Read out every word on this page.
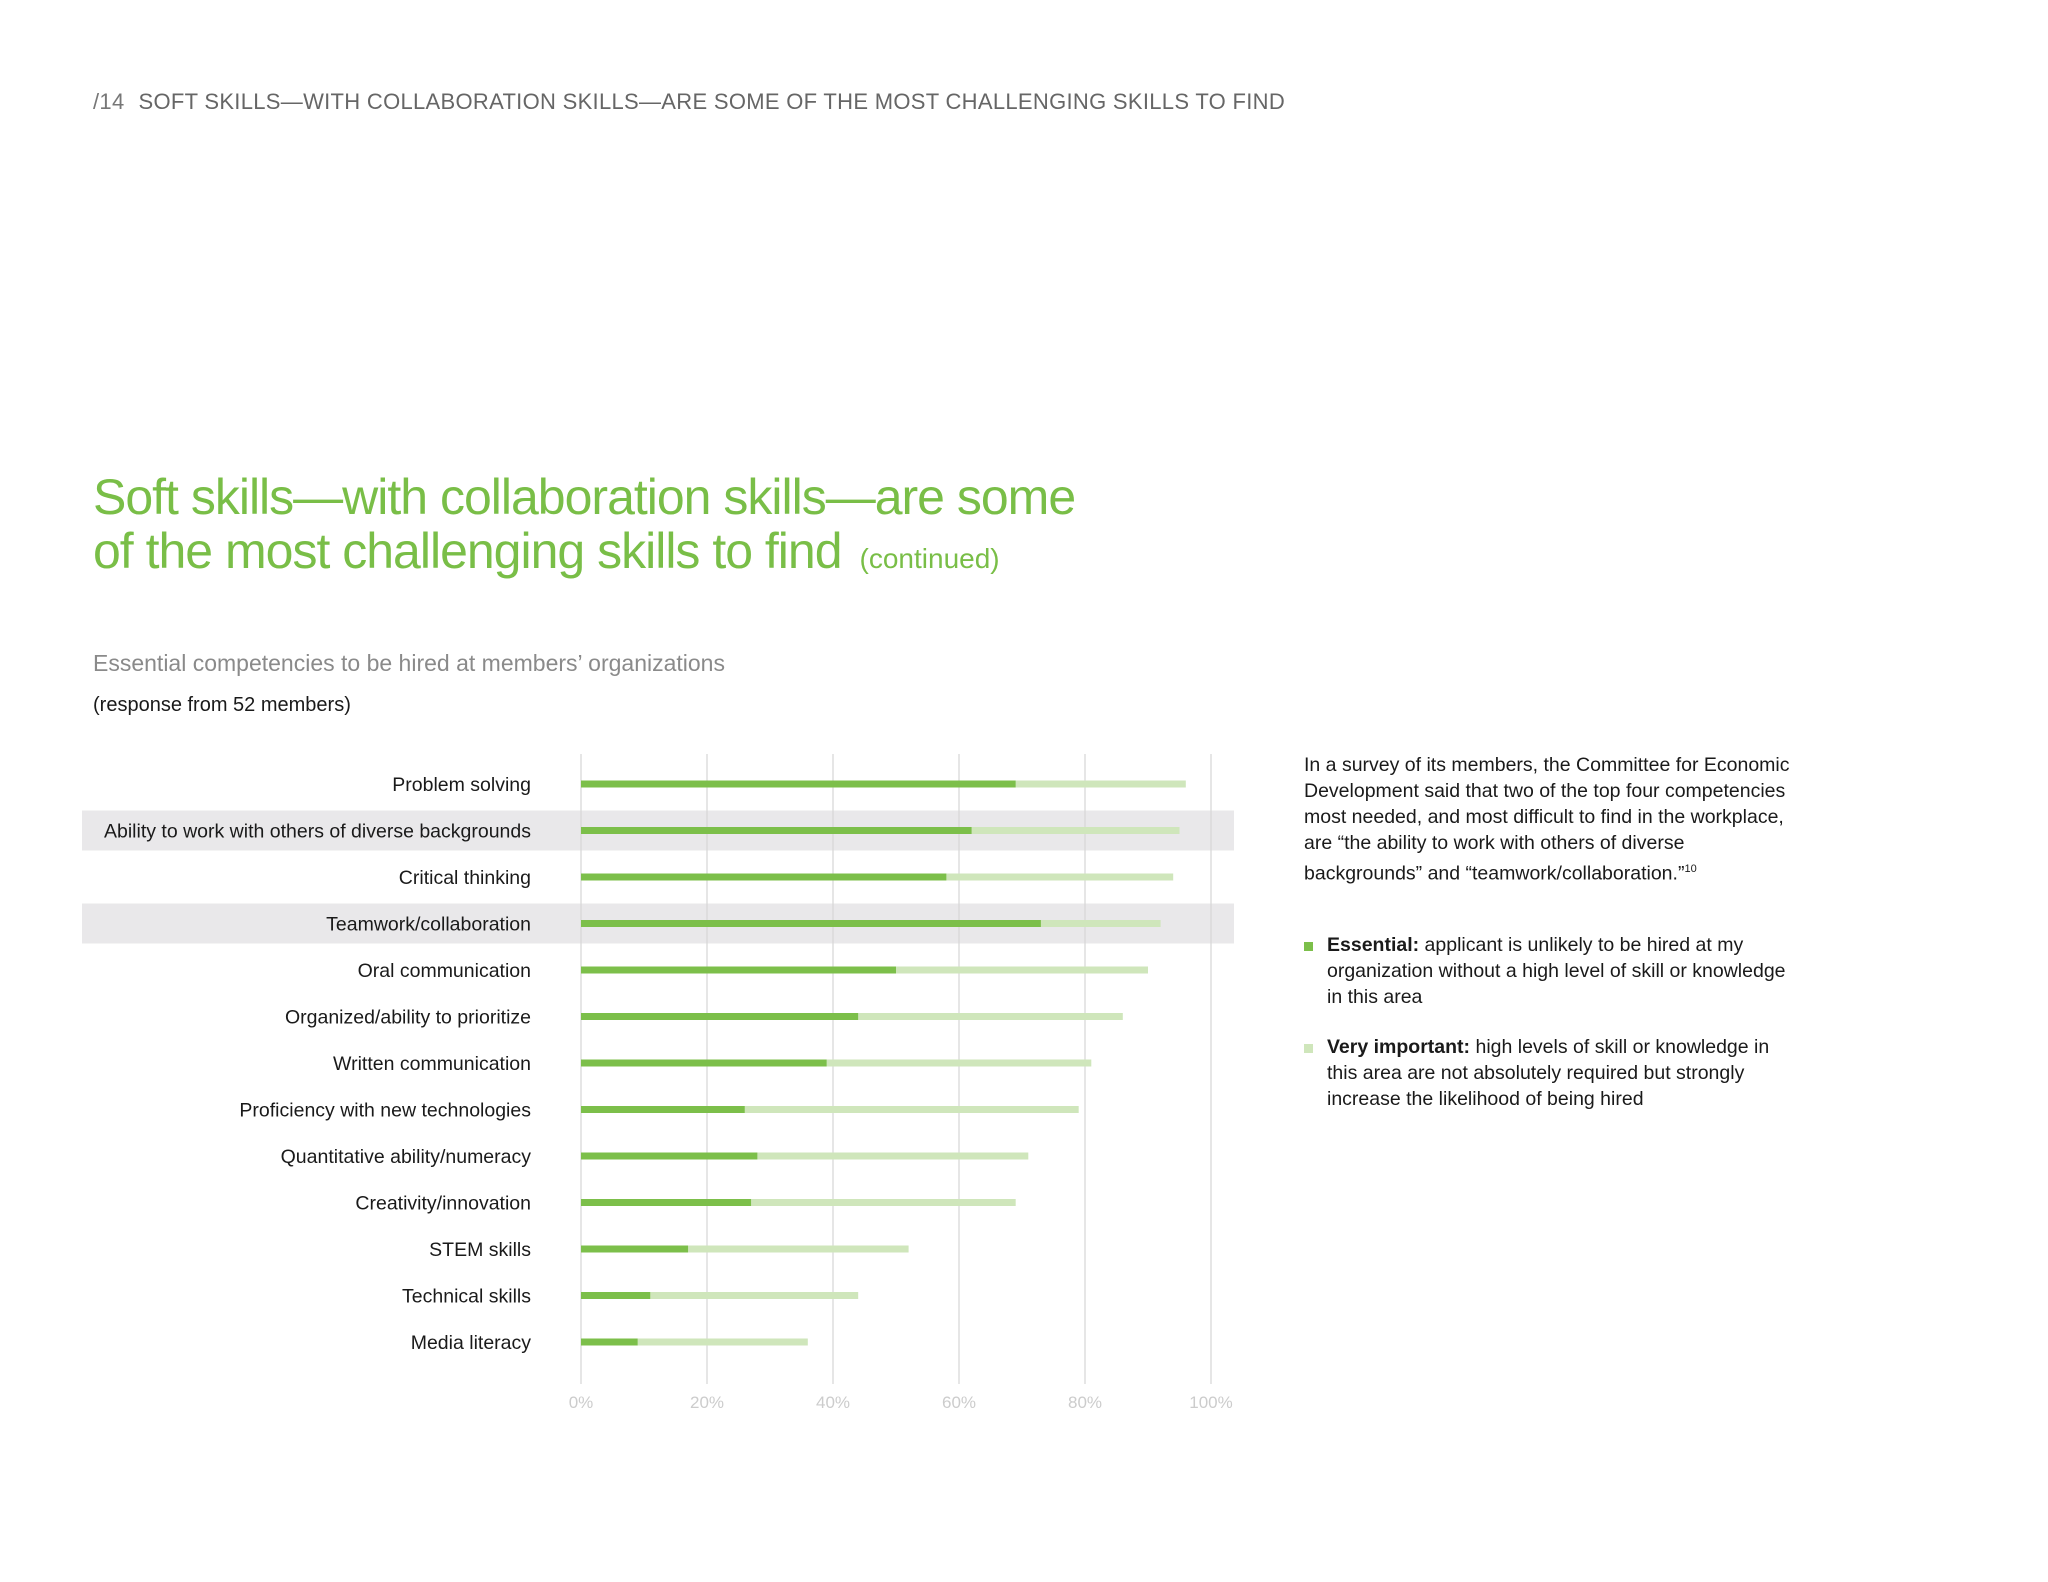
/14 SOFT SKILLS—WITH COLLABORATION SKILLS—ARE SOME OF THE MOST CHALLENGING SKILLS TO FIND
Soft skills—with collaboration skills—are some
of the most challenging skills to find (continued)
Essential competencies to be hired at members’ organizations
(response from 52 members)
0%	20%	40%	60%	80%	100%
Problem solving
Ability to work with others of diverse backgrounds
Critical thinking
Teamwork/collaboration
Oral communication
Organized/ability to prioritize
Written communication
Proficiency with new technologies
Quantitative ability/numeracy
Creativity/innovation
STEM skills
Technical skills
Media literacy

In a survey of its members, the Committee for Economic Development said that two of the top four competencies most needed, and most difficult to find in the workplace, are “the ability to work with others of diverse backgrounds” and “teamwork/collaboration.”$^{10}$

Essential: applicant is unlikely to be hired at my organization without a high level of skill or knowledge in this area
Very important: high levels of skill or knowledge in this area are not absolutely required but strongly increase the likelihood of being hired
